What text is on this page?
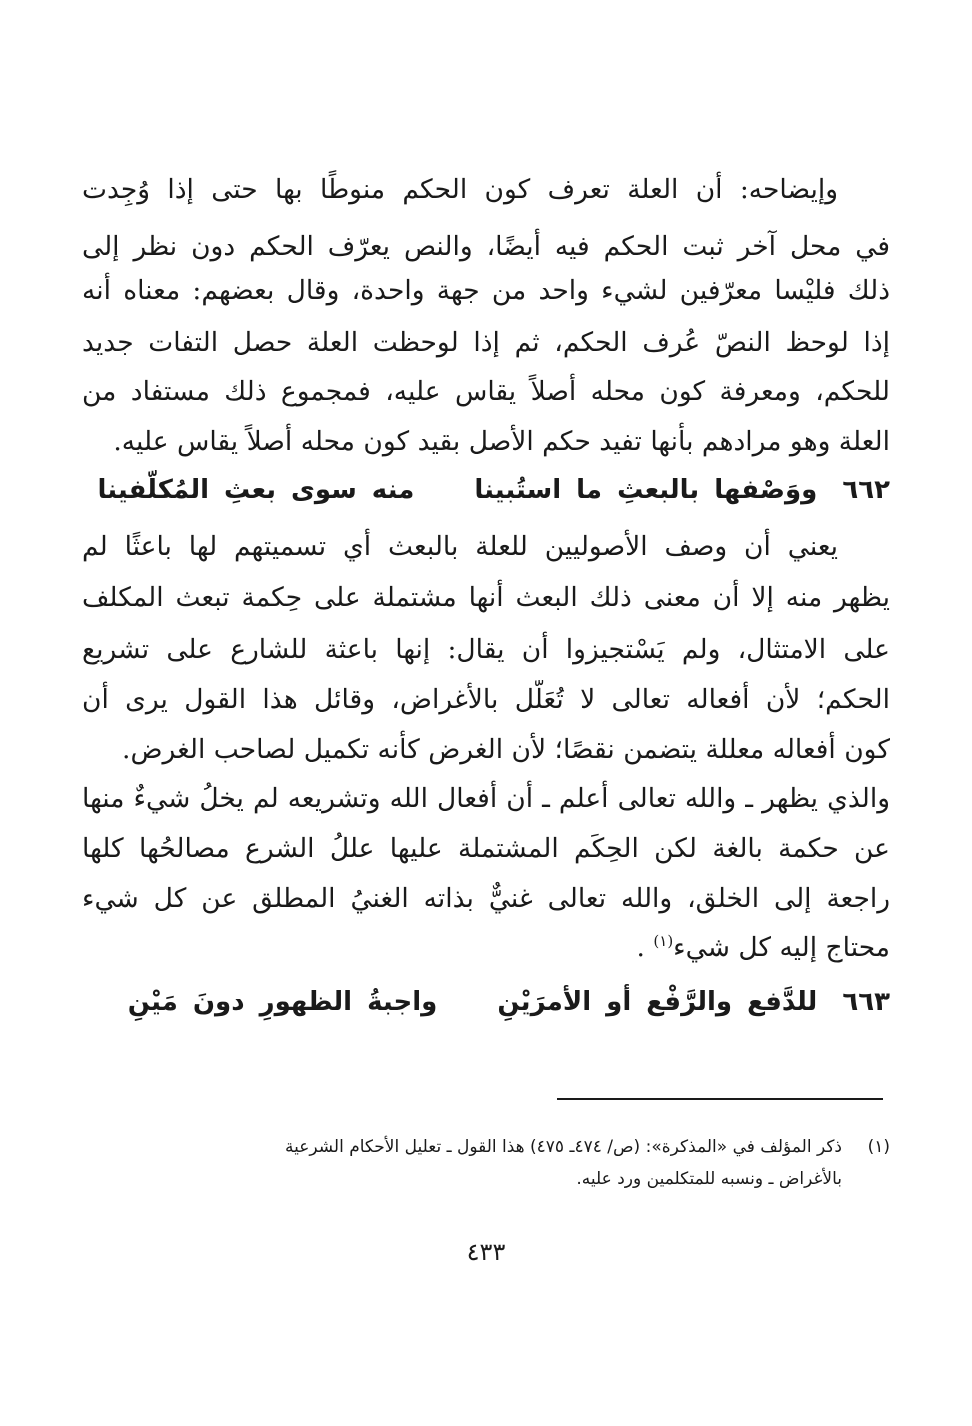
وإيضاحه: أن العلة تعرف كون الحكم منوطًا بها حتى إذا وُجِدت
في محل آخر ثبت الحكم فيه أيضًا، والنص يعرّف الحكم دون نظر إلى
ذلك فليْسا معرّفين لشيء واحد من جهة واحدة، وقال بعضهم: معناه أنه
إذا لوحظ النصّ عُرف الحكم، ثم إذا لوحظت العلة حصل التفات جديد
للحكم، ومعرفة كون محله أصلاً يقاس عليه، فمجموع ذلك مستفاد من
العلة وهو مرادهم بأنها تفيد حكم الأصل بقيد كون محله أصلاً يقاس عليه.
٦٦٢ ووَصْفها بالبعثِ ما استُبينا  منه سوى بعثِ المُكلّفينا
يعني أن وصف الأصوليين للعلة بالبعث أي تسميتهم لها باعثًا لم
يظهر منه إلا أن معنى ذلك البعث أنها مشتملة على حِكمة تبعث المكلف
على الامتثال، ولم يَسْتجيزوا أن يقال: إنها باعثة للشارع على تشريع
الحكم؛ لأن أفعاله تعالى لا تُعَلَّل بالأغراض، وقائل هذا القول يرى أن
كون أفعاله معللة يتضمن نقصًا؛ لأن الغرض كأنه تكميل لصاحب الغرض.
والذي يظهر ـ والله تعالى أعلم ـ أن أفعال الله وتشريعه لم يخلُ شيءٌ منها
عن حكمة بالغة لكن الحِكَم المشتملة عليها عللُ الشرع مصالحُها كلها
راجعة إلى الخلق، والله تعالى غنيٌّ بذاته الغنيُ المطلق عن كل شيء
محتاج إليه كل شيء$^{(١)}$ .
٦٦٣ للدَّفع والرَّفْع أو الأمرَيْنِ  واجبةُ الظهورِ دونَ مَيْنِ
(١)ذكر المؤلف في «المذكرة»: (ص/ ٤٧٤ـ ٤٧٥) هذا القول ـ تعليل الأحكام الشرعية
بالأغراض ـ ونسبه للمتكلمين ورد عليه.
٤٣٣
